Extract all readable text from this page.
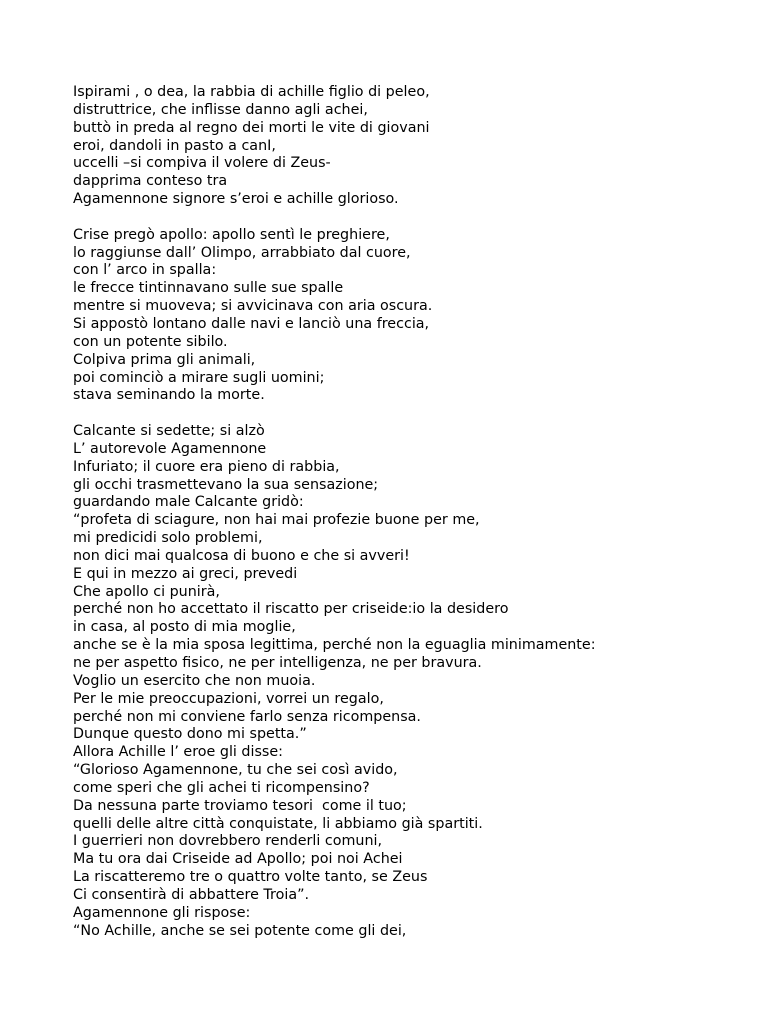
Ispirami , o dea, la rabbia di achille figlio di peleo,
distruttrice, che inflisse danno agli achei,
buttò in preda al regno dei morti le vite di giovani
eroi, dandoli in pasto a canI,
uccelli –si compiva il volere di Zeus-
dapprima conteso tra
Agamennone signore s’eroi e achille glorioso.
Crise pregò apollo: apollo sentì le preghiere,
lo raggiunse dall’ Olimpo, arrabbiato dal cuore,
con l’ arco in spalla:
le frecce tintinnavano sulle sue spalle
mentre si muoveva; si avvicinava con aria oscura.
Si appostò lontano dalle navi e lanciò una freccia,
con un potente sibilo.
Colpiva prima gli animali,
poi cominciò a mirare sugli uomini;
stava seminando la morte.
Calcante si sedette; si alzò
L’ autorevole Agamennone
Infuriato; il cuore era pieno di rabbia,
gli occhi trasmettevano la sua sensazione;
guardando male Calcante gridò:
“profeta di sciagure, non hai mai profezie buone per me,
mi predicidi solo problemi,
non dici mai qualcosa di buono e che si avveri!
E qui in mezzo ai greci, prevedi
Che apollo ci punirà,
perché non ho accettato il riscatto per criseide:io la desidero
in casa, al posto di mia moglie,
anche se è la mia sposa legittima, perché non la eguaglia minimamente:
ne per aspetto fisico, ne per intelligenza, ne per bravura.
Voglio un esercito che non muoia.
Per le mie preoccupazioni, vorrei un regalo,
perché non mi conviene farlo senza ricompensa.
Dunque questo dono mi spetta.”
Allora Achille l’ eroe gli disse:
“Glorioso Agamennone, tu che sei così avido,
come speri che gli achei ti ricompensino?
Da nessuna parte troviamo tesori  come il tuo;
quelli delle altre città conquistate, li abbiamo già spartiti.
I guerrieri non dovrebbero renderli comuni,
Ma tu ora dai Criseide ad Apollo; poi noi Achei
La riscatteremo tre o quattro volte tanto, se Zeus
Ci consentirà di abbattere Troia”.
Agamennone gli rispose:
“No Achille, anche se sei potente come gli dei,
